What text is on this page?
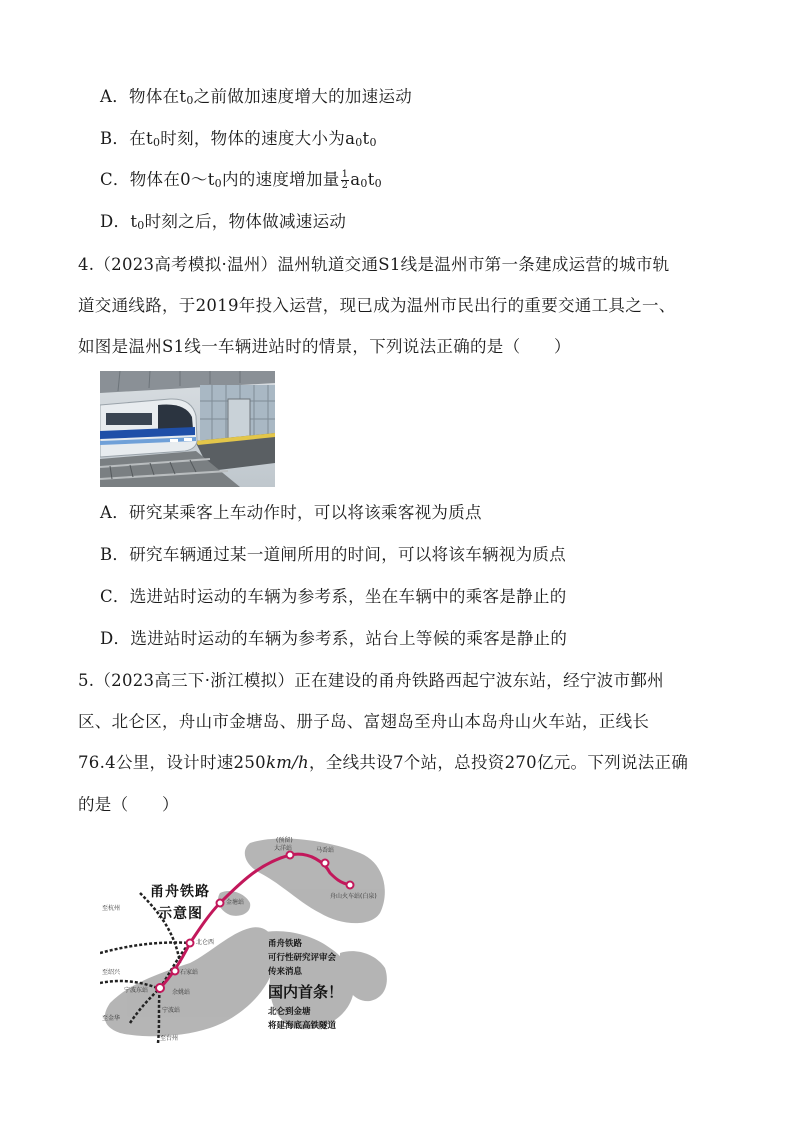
A．物体在$t_0$之前做加速度增大的加速运动
B．在$t_0$时刻，物体的速度大小为$a_0t_0$
C．物体在$0\sim t_0$内的速度增加量 $\frac{1}{2} a_0t_0$
D．$t_0$时刻之后，物体做减速运动
4.（2023高考模拟·温州）温州轨道交通S1线是温州市第一条建成运营的城市轨
道交通线路，于2019年投入运营，现已成为温州市民出行的重要交通工具之一、
如图是温州S1线一车辆进站时的情景，下列说法正确的是（　　）
A．研究某乘客上车动作时，可以将该乘客视为质点
B．研究车辆通过某一道闸所用的时间，可以将该车辆视为质点
C．选进站时运动的车辆为参考系，坐在车辆中的乘客是静止的
D．选进站时运动的车辆为参考系，站台上等候的乘客是静止的
5.（2023高三下·浙江模拟）正在建设的甬舟铁路西起宁波东站，经宁波市鄞州
区、北仑区，舟山市金塘岛、册子岛、富翅岛至舟山本岛舟山火车站，正线长
76.4公里，设计时速250km/h，全线共设7个站，总投资270亿元。下列说法正确
的是（　　）
甬舟铁路
示意图
(预留)
大洋站	马岙站
舟山火车站(白泉)
金塘站
北仑西
宁波东站
石家站
至杭州
至绍兴
至台州
宁波站
余姚站
至金华
甬舟铁路
可行性研究评审会
传来消息
国内首条！
北仑到金塘
将建海底高铁隧道
